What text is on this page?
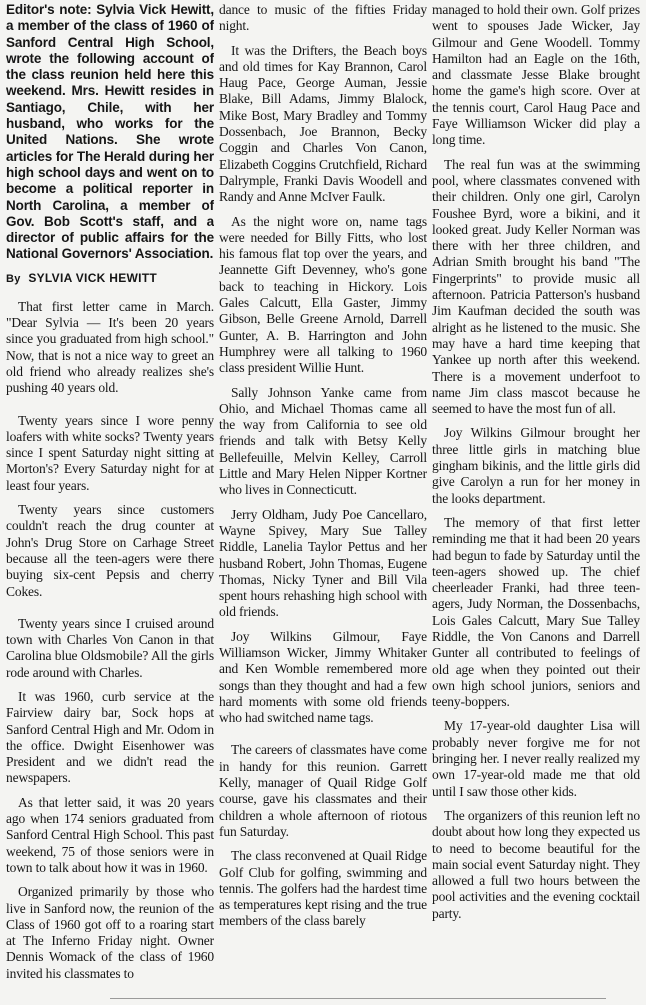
Editor's note: Sylvia Vick Hewitt, a member of the class of 1960 of Sanford Central High School, wrote the following account of the class reunion held here this weekend. Mrs. Hewitt resides in Santiago, Chile, with her husband, who works for the United Nations. She wrote articles for The Herald during her high school days and went on to become a political reporter in North Carolina, a member of Gov. Bob Scott's staff, and a director of public affairs for the National Governors' Association.

By SYLVIA VICK HEWITT

That first letter came in March. "Dear Sylvia — It's been 20 years since you graduated from high school." Now, that is not a nice way to greet an old friend who already realizes she's pushing 40 years old.

Twenty years since I wore penny loafers with white socks? Twenty years since I spent Saturday night sitting at Morton's? Every Saturday night for at least four years.

Twenty years since customers couldn't reach the drug counter at John's Drug Store on Carhage Street because all the teen-agers were there buying six-cent Pepsis and cherry Cokes.

Twenty years since I cruised around town with Charles Von Canon in that Carolina blue Oldsmobile? All the girls rode around with Charles.

It was 1960, curb service at the Fairview dairy bar, Sock hops at Sanford Central High and Mr. Odom in the office. Dwight Eisenhower was President and we didn't read the newspapers.

As that letter said, it was 20 years ago when 174 seniors graduated from Sanford Central High School. This past weekend, 75 of those seniors were in town to talk about how it was in 1960.

Organized primarily by those who live in Sanford now, the reunion of the Class of 1960 got off to a roaring start at The Inferno Friday night. Owner Dennis Womack of the class of 1960 invited his classmates to

dance to music of the fifties Friday night.

It was the Drifters, the Beach boys and old times for Kay Brannon, Carol Haug Pace, George Auman, Jessie Blake, Bill Adams, Jimmy Blalock, Mike Bost, Mary Bradley and Tommy Dossenbach, Joe Brannon, Becky Coggin and Charles Von Canon, Elizabeth Coggins Crutchfield, Richard Dalrymple, Franki Davis Woodell and Randy and Anne McIver Faulk.

As the night wore on, name tags were needed for Billy Fitts, who lost his famous flat top over the years, and Jeannette Gift Devenney, who's gone back to teaching in Hickory. Lois Gales Calcutt, Ella Gaster, Jimmy Gibson, Belle Greene Arnold, Darrell Gunter, A. B. Harrington and John Humphrey were all talking to 1960 class president Willie Hunt.

Sally Johnson Yanke came from Ohio, and Michael Thomas came all the way from California to see old friends and talk with Betsy Kelly Bellefeuille, Melvin Kelley, Carroll Little and Mary Helen Nipper Kortner who lives in Connecticutt.

Jerry Oldham, Judy Poe Cancellaro, Wayne Spivey, Mary Sue Talley Riddle, Lanelia Taylor Pettus and her husband Robert, John Thomas, Eugene Thomas, Nicky Tyner and Bill Vila spent hours rehashing high school with old friends.

Joy Wilkins Gilmour, Faye Williamson Wicker, Jimmy Whitaker and Ken Womble remembered more songs than they thought and had a few hard moments with some old friends who had switched name tags.

The careers of classmates have come in handy for this reunion. Garrett Kelly, manager of Quail Ridge Golf course, gave his classmates and their children a whole afternoon of riotous fun Saturday.

The class reconvened at Quail Ridge Golf Club for golfing, swimming and tennis. The golfers had the hardest time as temperatures kept rising and the true members of the class barely

managed to hold their own. Golf prizes went to spouses Jade Wicker, Jay Gilmour and Gene Woodell. Tommy Hamilton had an Eagle on the 16th, and classmate Jesse Blake brought home the game's high score. Over at the tennis court, Carol Haug Pace and Faye Williamson Wicker did play a long time.

The real fun was at the swimming pool, where classmates convened with their children. Only one girl, Carolyn Foushee Byrd, wore a bikini, and it looked great. Judy Keller Norman was there with her three children, and Adrian Smith brought his band "The Fingerprints" to provide music all afternoon. Patricia Patterson's husband Jim Kaufman decided the south was alright as he listened to the music. She may have a hard time keeping that Yankee up north after this weekend. There is a movement underfoot to name Jim class mascot because he seemed to have the most fun of all.

Joy Wilkins Gilmour brought her three little girls in matching blue gingham bikinis, and the little girls did give Carolyn a run for her money in the looks department.

The memory of that first letter reminding me that it had been 20 years had begun to fade by Saturday until the teen-agers showed up. The chief cheerleader Franki, had three teen-agers, Judy Norman, the Dossenbachs, Lois Gales Calcutt, Mary Sue Talley Riddle, the Von Canons and Darrell Gunter all contributed to feelings of old age when they pointed out their own high school juniors, seniors and teeny-boppers.

My 17-year-old daughter Lisa will probably never forgive me for not bringing her. I never really realized my own 17-year-old made me that old until I saw those other kids.

The organizers of this reunion left no doubt about how long they expected us to need to become beautiful for the main social event Saturday night. They allowed a full two hours between the pool activities and the evening cocktail party.
